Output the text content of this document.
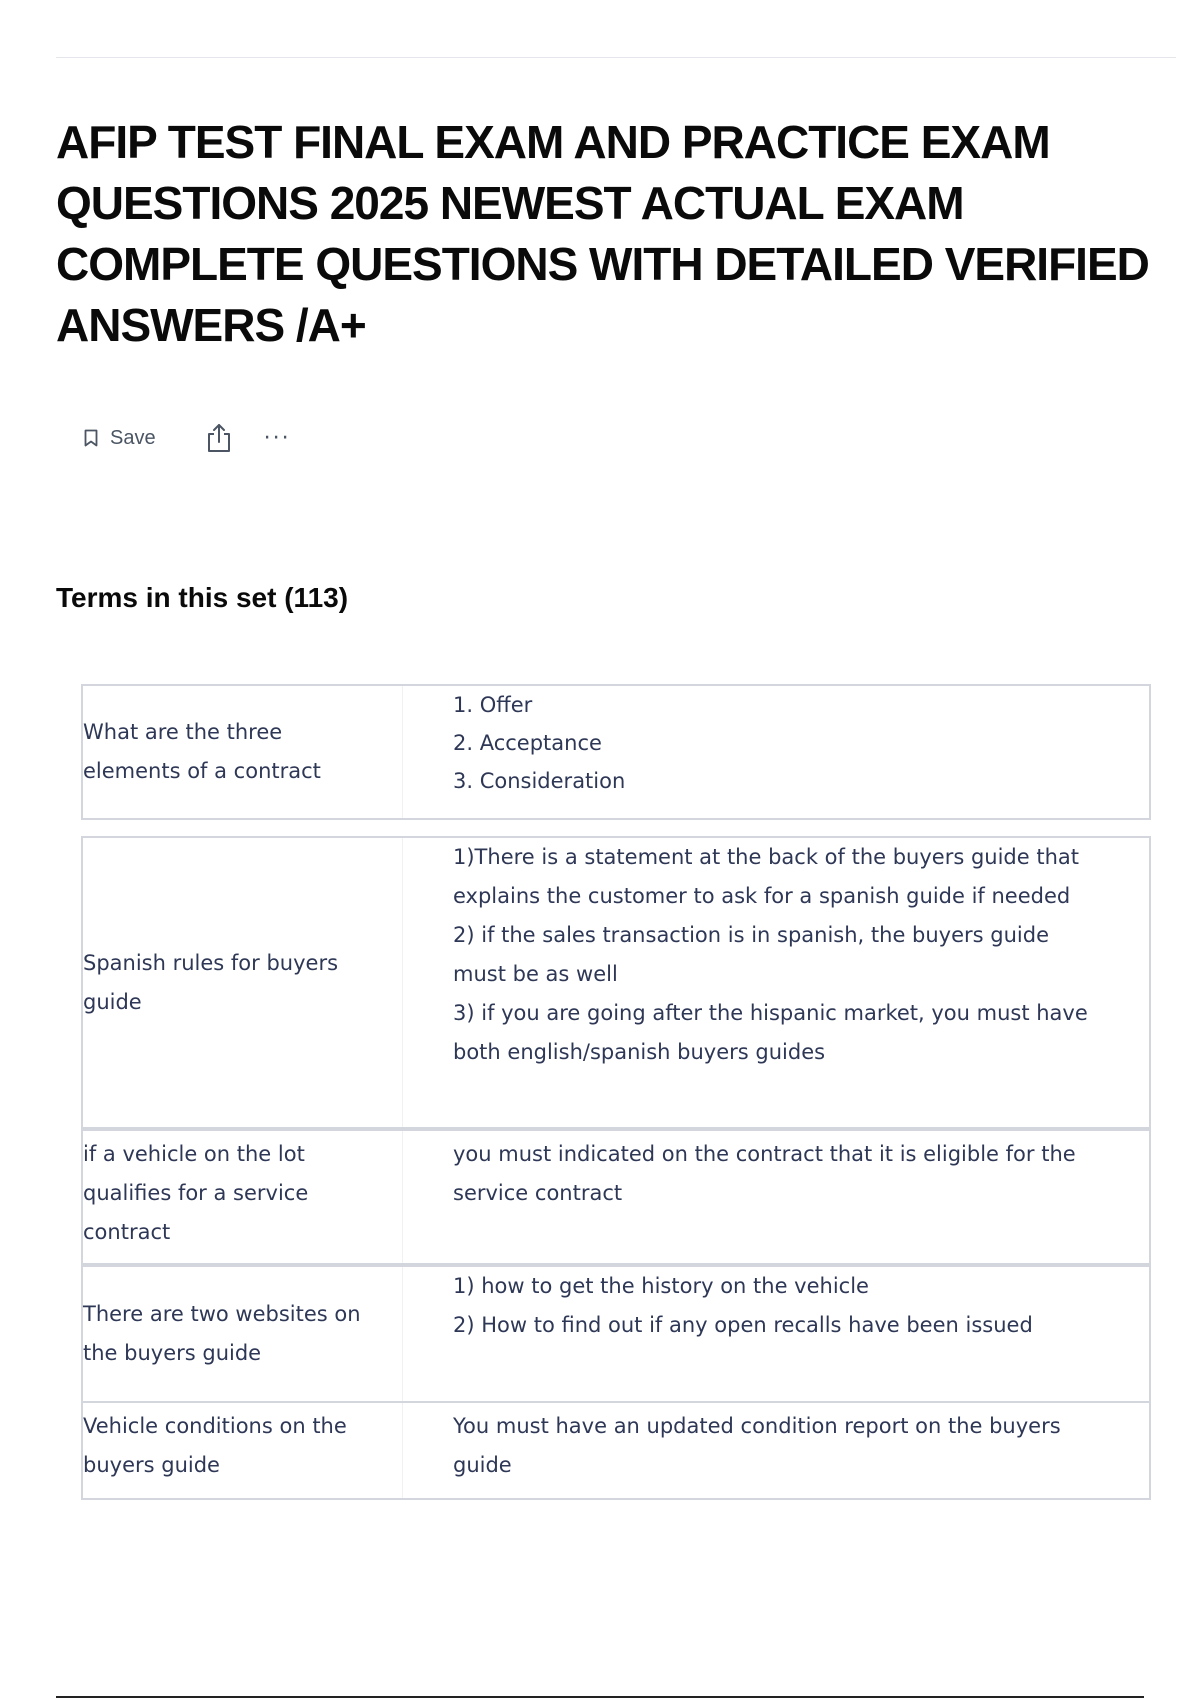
AFIP TEST FINAL EXAM AND PRACTICE EXAM QUESTIONS 2025 NEWEST ACTUAL EXAM COMPLETE QUESTIONS WITH DETAILED VERIFIED ANSWERS /A+
Save	···
Terms in this set (113)
What are the three elements of a contract
1. Offer
2. Acceptance
3. Consideration
Spanish rules for buyers guide
1)There is a statement at the back of the buyers guide that explains the customer to ask for a spanish guide if needed
2) if the sales transaction is in spanish, the buyers guide must be as well
3) if you are going after the hispanic market, you must have both english/spanish buyers guides
if a vehicle on the lot qualifies for a service contract
you must indicated on the contract that it is eligible for the service contract
There are two websites on the buyers guide
1) how to get the history on the vehicle
2) How to find out if any open recalls have been issued
Vehicle conditions on the buyers guide
You must have an updated condition report on the buyers guide
